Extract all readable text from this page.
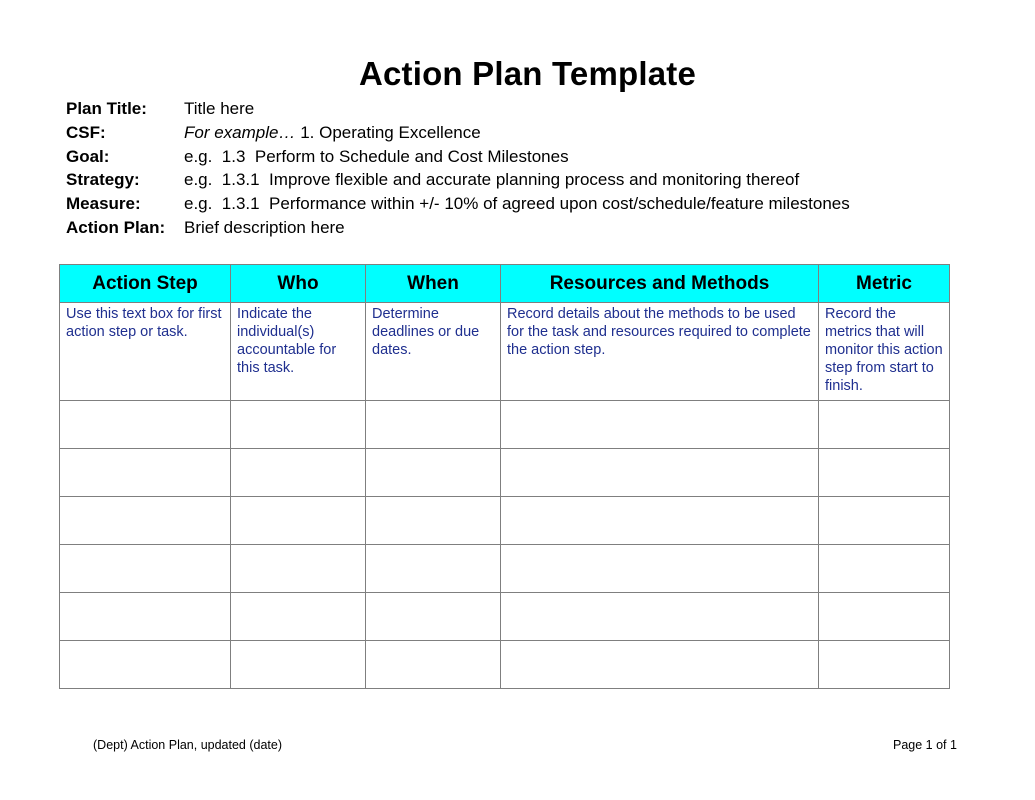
Action Plan Template
Plan Title:	Title here
CSF:	For example… 1. Operating Excellence
Goal:	e.g.  1.3  Perform to Schedule and Cost Milestones
Strategy:	e.g.  1.3.1  Improve flexible and accurate planning process and monitoring thereof
Measure:	e.g.  1.3.1  Performance within +/- 10% of agreed upon cost/schedule/feature milestones
Action Plan:	Brief description here
Action Step	Who	When	Resources and Methods	Metric

Use this text box for first action step or task.	Indicate the individual(s) accountable for this task.	Determine deadlines or due dates.	Record details about the methods to be used for the task and resources required to complete the action step.	Record the metrics that will monitor this action step from start to finish.

(Dept) Action Plan, updated (date)	Page 1 of 1
